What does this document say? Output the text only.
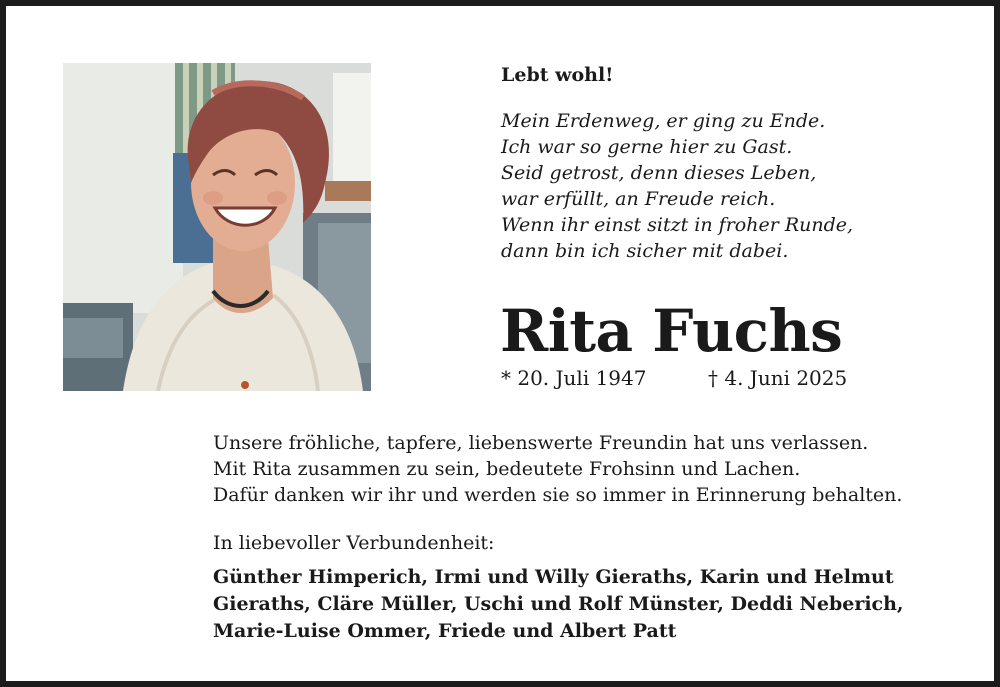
Lebt wohl!
Mein Erdenweg, er ging zu Ende.
Ich war so gerne hier zu Gast.
Seid getrost, denn dieses Leben,
war erfüllt, an Freude reich.
Wenn ihr einst sitzt in froher Runde,
dann bin ich sicher mit dabei.
Rita Fuchs
* 20. Juli 1947	† 4. Juni 2025
Unsere fröhliche, tapfere, liebenswerte Freundin hat uns verlassen.
Mit Rita zusammen zu sein, bedeutete Frohsinn und Lachen.
Dafür danken wir ihr und werden sie so immer in Erinnerung behalten.
In liebevoller Verbundenheit:
Günther Himperich, Irmi und Willy Gieraths, Karin und Helmut
Gieraths, Cläre Müller, Uschi und Rolf Münster, Deddi Neberich,
Marie-Luise Ommer, Friede und Albert Patt
